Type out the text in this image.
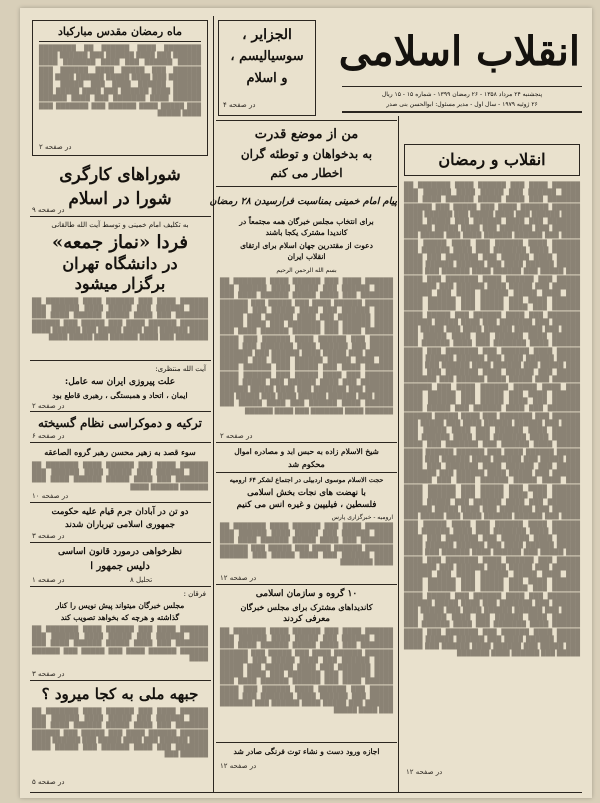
انقلاب اسلامی
پنجشنبه ۲۴ مرداد ۱۳۵۸ - ۲۶ رمضان ۱۳۹۹ - شماره ۱۵ - ۱۵ ریال
۲۶ ژوئیه ۱۹۷۹ - سال اول - مدیر مسئول: ابوالحسن بنی صدر
ماه رمضان مقدس مبارکباد
████████ ████ ██████ ██ ████████ ██████ ███ ████ ██████ ███ ██████ ████ █████ ██████ ███ ████ ███████ ████ ██████ ███ █████ ████ ██████ ███ ███████ ███ ████ █████ ██████ ████ ███ ██████ ██████ ████ ███ █████ ███ ██████ ████ ██████ ███ ████ █████ ███ ██████ ████ ███████ ███ ████ ██████ ███ █████ ████ ██████ ███ ███████ ███ ████ █████
در صفحه ۲
شوراهای کارگری
شورا در اسلام
در صفحه ۹
به تکلیف امام خمینی و توسط آیت الله طالقانی
فردا «نماز جمعه»
در دانشگاه تهران
برگزار میشود
██████ ████ ███ ██████ ████ ███████ ██ ████ ██████ ███ █████ ████ ██████ ███ ███████ ███ ████ █████ ██████ ████ ███ ██████ ██████ ████ ███ █████ ███ ██████ ████ ██████ ███ ████ █████ ███ ██████ ████ ███████ ███ ████ ██████ ███ █████ ████
آیت الله منتظری:
علت پیروزی ایران سه عامل:
ایمان ، اتحاد و همبستگی ، رهبری قاطع بود
در صفحه ۲
ترکیه و دموکراسی نظام گسیخته
در صفحه ۶
سوء قصد به زهیر محسن رهبر گروه الصاعقه
██████ ████ ███ ██████ ████ ███████ ██ ████ ██████ ███ █████ ████ ██████ ███ ███████ ███ ████ █████ ██████ ████ ███ ██████ ██████ ████
در صفحه ۱۰
دو تن در آبادان جرم قیام علیه حکومت
جمهوری اسلامی تیرباران شدند
در صفحه ۳
نظرخواهی درمورد قانون اساسی
دلیس جمهور ا
در صفحه ۱	تحلیل ۸
فرقان :
مجلس خبرگان میتواند پیش نویس را کنار
گذاشته و هرچه که بخواهد تصویب کند
██████ ████ ███ ██████ ████ ███████ ██ ████ ██████ ███ █████ ████ ██████ ███ ███████ ███ ████ █████ ██████ ████ ███ ██████ ██████ ████ ███ █████ ███ ██████ ████
در صفحه ۳
جبهه ملی به کجا میرود ؟
██████ ████ ███ ██████ ████ ███████ ██ ████ ██████ ███ █████ ████ ██████ ███ ███████ ███ ████ █████ ██████ ████ ███ ██████ ██████ ████ ███ █████ ███ ██████ ████ ██████ ███ ████ █████ ███ ██████ ████ ███████ ███ ████ ██████ ███ █████ ████ ██████ ███
در صفحه ۵
الجزایر ،
سوسیالیسم ،
و اسلام
در صفحه ۴
من از موضع قدرت
به بدخواهان و توطئه گران
اخطار می کنم
پیام امام خمینی بمناسبت فرارسیدن ۲۸ رمضان
برای انتخاب مجلس خبرگان همه مجتمعاً در
کاندیدا مشترک یکجا باشند
دعوت از مقتدرین جهان اسلام برای ارتقای
انقلاب ایران
بسم الله الرحمن الرحیم
██████ ████ ███ ██████ ████ ███████ ██ ████ ██████ ███ █████ ████ ██████ ███ ███████ ███ ████ █████ ██████ ████ ███ ██████ ██████ ████ ███ █████ ███ ██████ ████ ██████ ███ ████ █████ ███ ██████ ████ ███████ ███ ████ ██████ ███ █████ ████ ██████ ███ ███████ ███ ████ █████ ██████ ████ ███ ██████ ██████ ████ ███ █████ ███ ██████ ████ ██████ ███ ████ █████ ███ ██████ ████ ███████ ███ ████ ██████ ███ █████ ████ ██████ ███ ███████ ███ ████ █████ ██████ ████ ███ ██████ ██████ ████ ███ █████ ███ ██████ ████ ██████ ███ ████ █████ ███ ██████ ████ ███████ ███ ████ ██████ ███ █████ ████ ██████ ███ ███████ ███ ████ █████ ██████ ████ ███ ██████ ██████ ████ ███ █████ ███ ██████ ████ ██████ ███ ████ █████ ███ ██████ ████ ███████ ███ ████ ██████
در صفحه ۲
شیخ الاسلام زاده به حبس ابد و مصادره اموال
محکوم شد
حجت الاسلام موسوی اردبیلی در اجتماع لشکر ۶۴ ارومیه
با نهضت های نجات بخش اسلامی
فلسطین ، فیلیپین و غیره انس می کنیم
ارومیه - خبرگزاری پارس
██████ ████ ███ ██████ ████ ███████ ██ ████ ██████ ███ █████ ████ ██████ ███ ███████ ███ ████ █████ ██████ ████ ███ ██████ ██████ ████ ███ █████ ███ ██████ ████ ██████ ███ ████ █████ ███ ██████ ████ ███████
در صفحه ۱۲
۱۰ گروه و سازمان اسلامی
کاندیداهای مشترک برای مجلس خبرگان
معرفی کردند
██████ ████ ███ ██████ ████ ███████ ██ ████ ██████ ███ █████ ████ ██████ ███ ███████ ███ ████ █████ ██████ ████ ███ ██████ ██████ ████ ███ █████ ███ ██████ ████ ██████ ███ ████ █████ ███ ██████ ████ ███████ ███ ████ ██████ ███ █████ ████ ██████ ███ ███████ ███ ████ █████ ██████ ████ ███ ██████ ██████ ████ ███ █████ ███ ██████ ████ ██████ ███ ████ █████ ███ ██████ ████ ███████ ███ ████ ██████ ███ █████ ████ ██████ ███ ███████ ███ ████ █████
اجازه ورود دست و نشاء توت فرنگی صادر شد
در صفحه ۱۲
انقلاب و رمضان
██████ ████ ███ ██████ ████ ███████ ██ ████ ██████ ███ █████ ████ ██████ ███ ███████ ███ ████ █████ ██████ ████ ███ ██████ ██████ ████ ███ █████ ███ ██████ ████ ██████ ███ ████ █████ ███ ██████ ████ ███████ ███ ████ ██████ ███ █████ ████ ██████ ███ ███████ ███ ████ █████ ██████ ████ ███ ██████ ██████ ████ ███ █████ ███ ██████ ████ ██████ ███ ████ █████ ███ ██████ ████ ███████ ███ ████ ██████ ███ █████ ████ ██████ ███ ███████ ███ ████ █████ ██████ ████ ███ ██████ ██████ ████ ███ █████ ███ ██████ ████ ██████ ███ ████ █████ ███ ██████ ████ ███████ ███ ████ ██████ ███ █████ ████ ██████ ███ ███████ ███ ████ █████ ██████ ████ ███ ██████ ██████ ████ ███ █████ ███ ██████ ████ ██████ ███ ████ █████ ███ ██████ ████ ███████ ███ ████ ██████ ███ █████ ████ ██████ ███ ███████ ███ ████ █████ ██████ ████ ███ ██████ ██████ ████ ███ █████ ███ ██████ ████ ██████ ███ ████ █████ ███ ██████ ████ ███████ ███ ████ ██████ ███ █████ ████ ██████ ███ ███████ ███ ████ █████ ██████ ████ ███ ██████ ██████ ████ ███ █████ ███ ██████ ████ ██████ ███ ████ █████ ███ ██████ ████ ███████ ███ ████ ██████ ███ █████ ████ ██████ ███ ███████ ███ ████ █████ ██████ ████ ███ ██████ ██████ ████ ███ █████ ███ ██████ ████ ██████ ███ ████ █████ ███ ██████ ████ ███████ ███ ████ ██████ ███ █████ ████ ██████ ███ ███████ ███ ████ █████ ██████ ████ ███ ██████ ██████ ████ ███ █████ ███ ██████ ████ ██████ ███ ████ █████ ███ ██████ ████ ███████ ███ ████ ██████ ███ █████ ████ ██████ ███ ███████ ███ ████ █████ ██████ ████ ███ ██████ ██████ ████ ███ █████ ███ ██████ ████ ██████ ███ ████ █████ ███ ██████ ████ ███████ ███ ████ ██████ ███ █████ ████ ██████ ███ ███████ ███ ████ █████ ██████ ████ ███ ██████ ██████ ████ ███ █████ ███ ██████ ████ ██████ ███ ████ █████ ███ ██████ ████ ███████ ███ ████ ██████ ███ █████ ████ ██████ ███ ███████ ███ ████ █████ ██████ ████ ███ ██████ ██████ ████ ███ █████ ███ ██████ ████ ██████ ███ ████ █████ ███ ██████ ████ ███████ ███ ████ ██████ ███ █████ ████ ██████ ███ ███████ ███ ████ █████ ██████ ████ ███ ██████ ██████ ████ ███ █████ ███ ██████ ████ ██████ ███ ████ █████ ███ ██████ ████ ███████ ███ ████ ██████ ███ █████ ████ ██████ ███ ███████ ███ ████ █████ ██████ ████ ███ ██████ ██████ ████ ███ █████ ███ ██████ ████ ██████ ███ ████ █████ ███ ██████ ████ ███████ ███ ████ ██████ ███ █████ ████ ██████ ███ ███████ ███ ████ █████ ██████ ████ ███ ██████ ██████ ████ ███ █████ ███ ██████ ████ ██████ ███ ████ █████ ███ ██████ ████ ███████ ███ ████ ██████ ███ █████ ████ ██████ ███ ███████ ███ ████ █████ ██████ ████ ███ ██████ ██████ ████ ███ █████ ███ ██████ ████ ██████ ███ ████ █████ ███ ██████ ████ ███████
در صفحه ۱۲
